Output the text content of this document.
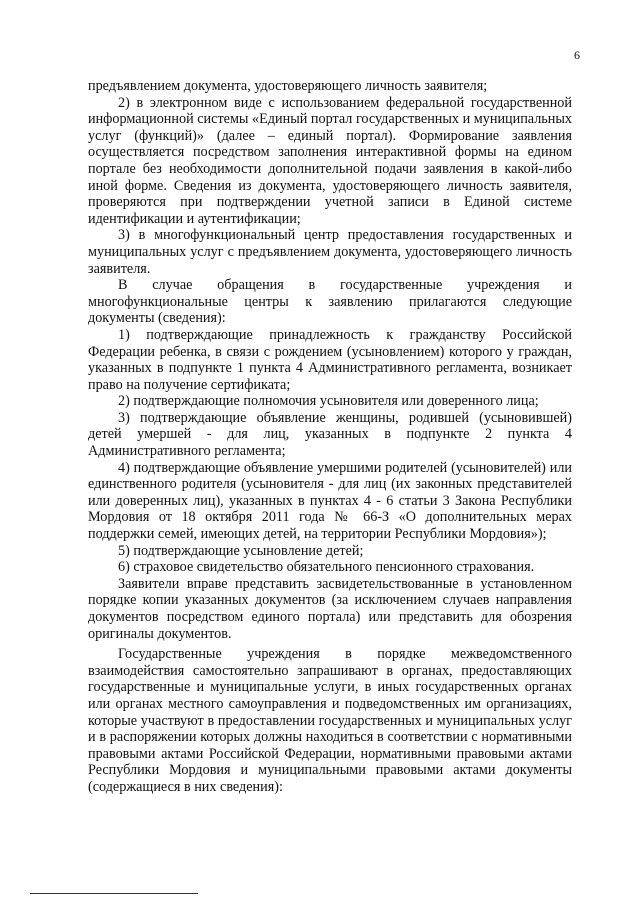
6

предъявлением документа, удостоверяющего личность заявителя;

2) в электронном виде с использованием федеральной государственной информационной системы «Единый портал государственных и муниципальных услуг (функций)» (далее – единый портал). Формирование заявления осуществляется посредством заполнения интерактивной формы на едином портале без необходимости дополнительной подачи заявления в какой-либо иной форме. Сведения из документа, удостоверяющего личность заявителя, проверяются при подтверждении учетной записи в Единой системе идентификации и аутентификации;

3) в многофункциональный центр предоставления государственных и муниципальных услуг с предъявлением документа, удостоверяющего личность заявителя.

В случае обращения в государственные учреждения и многофункциональные центры к заявлению прилагаются следующие документы (сведения):

1) подтверждающие принадлежность к гражданству Российской Федерации ребенка, в связи с рождением (усыновлением) которого у граждан, указанных в подпункте 1 пункта 4 Административного регламента, возникает право на получение сертификата;

2) подтверждающие полномочия усыновителя или доверенного лица;

3) подтверждающие объявление женщины, родившей (усыновившей) детей умершей - для лиц, указанных в подпункте 2 пункта 4 Административного регламента;

4) подтверждающие объявление умершими родителей (усыновителей) или единственного родителя (усыновителя - для лиц (их законных представителей или доверенных лиц), указанных в пунктах 4 - 6 статьи 3 Закона Республики Мордовия от 18 октября 2011 года № 66-З «О дополнительных мерах поддержки семей, имеющих детей, на территории Республики Мордовия»);

5) подтверждающие усыновление детей;

6) страховое свидетельство обязательного пенсионного страхования.

Заявители вправе представить засвидетельствованные в установленном порядке копии указанных документов (за исключением случаев направления документов посредством единого портала) или представить для обозрения оригиналы документов.

Государственные учреждения в порядке межведомственного взаимодействия самостоятельно запрашивают в органах, предоставляющих государственные и муниципальные услуги, в иных государственных органах или органах местного самоуправления и подведомственных им организациях, которые участвуют в предоставлении государственных и муниципальных услуг и в распоряжении которых должны находиться в соответствии с нормативными правовыми актами Российской Федерации, нормативными правовыми актами Республики Мордовия и муниципальными правовыми актами документы (содержащиеся в них сведения):
